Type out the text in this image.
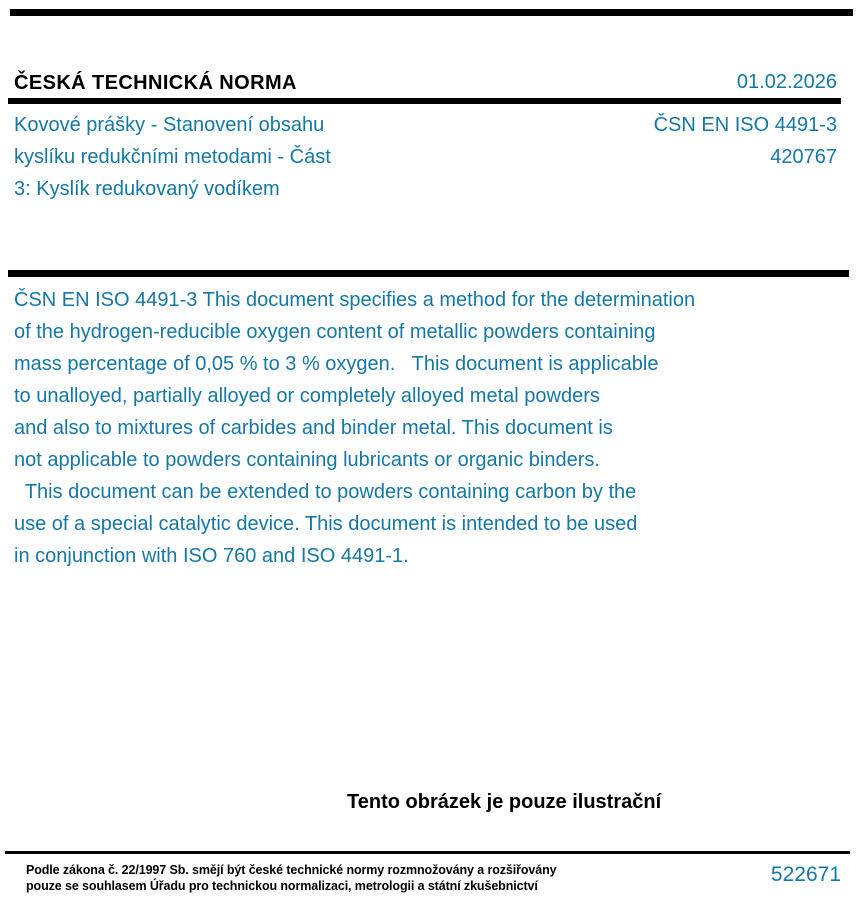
ČESKÁ TECHNICKÁ NORMA	01.02.2026
Kovové prášky - Stanovení obsahu
kyslíku redukčními metodami - Část
3: Kyslík redukovaný vodíkem
ČSN EN ISO 4491-3
420767
ČSN EN ISO 4491-3 This document specifies a method for the determination
of the hydrogen-reducible oxygen content of metallic powders containing
mass percentage of 0,05 % to 3 % oxygen.   This document is applicable
to unalloyed, partially alloyed or completely alloyed metal powders
and also to mixtures of carbides and binder metal. This document is
not applicable to powders containing lubricants or organic binders.
This document can be extended to powders containing carbon by the
use of a special catalytic device. This document is intended to be used
in conjunction with ISO 760 and ISO 4491-1.
Tento obrázek je pouze ilustrační
Podle zákona č. 22/1997 Sb. smějí být české technické normy rozmnožovány a rozšiřovány
pouze se souhlasem Úřadu pro technickou normalizaci, metrologii a státní zkušebnictví	522671
